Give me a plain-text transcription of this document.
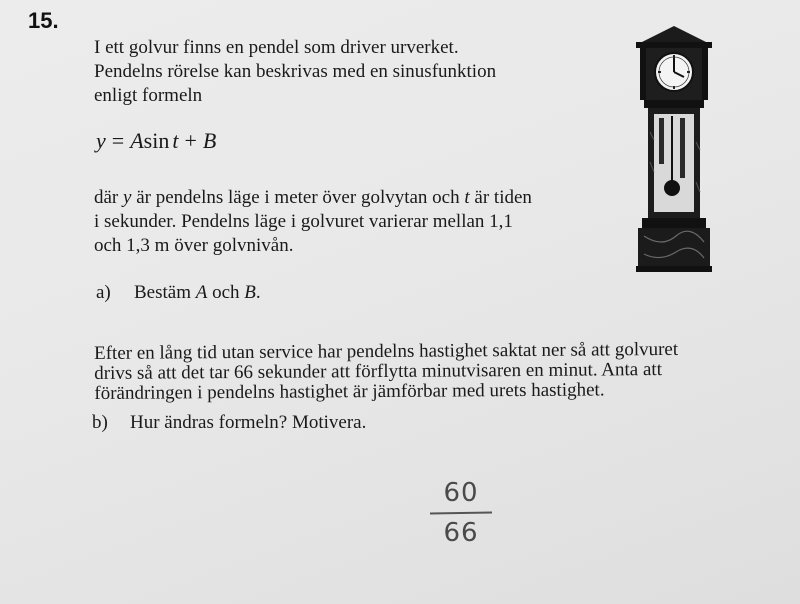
15.
I ett golvur finns en pendel som driver urverket.
Pendelns rörelse kan beskrivas med en sinusfunktion
enligt formeln
y = Asin t + B
där y är pendelns läge i meter över golvytan och t är tiden
i sekunder. Pendelns läge i golvuret varierar mellan 1,1
och 1,3 m över golvnivån.
a) Bestäm A och B.
Efter en lång tid utan service har pendelns hastighet saktat ner så att golvuret
drivs så att det tar 66 sekunder att förflytta minutvisaren en minut. Anta att
förändringen i pendelns hastighet är jämförbar med urets hastighet.
b) Hur ändras formeln? Motivera.
60
66
